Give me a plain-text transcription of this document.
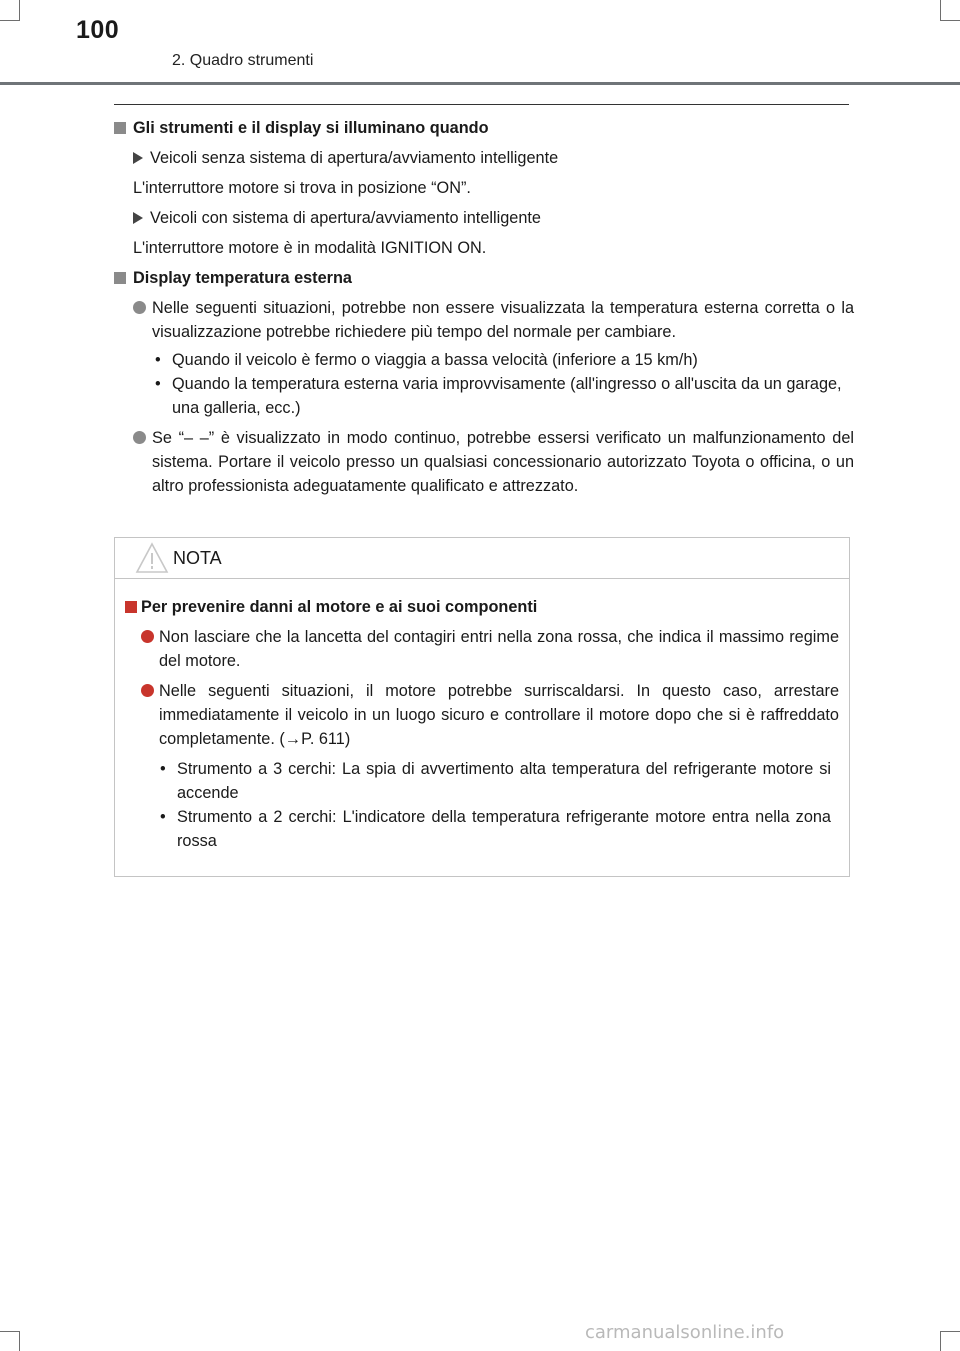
100
2. Quadro strumenti
Gli strumenti e il display si illuminano quando
Veicoli senza sistema di apertura/avviamento intelligente
L'interruttore motore si trova in posizione “ON”.
Veicoli con sistema di apertura/avviamento intelligente
L'interruttore motore è in modalità IGNITION ON.
Display temperatura esterna
Nelle seguenti situazioni, potrebbe non essere visualizzata la temperatura esterna corretta o la visualizzazione potrebbe richiedere più tempo del normale per cambiare.
• Quando il veicolo è fermo o viaggia a bassa velocità (inferiore a 15 km/h)
• Quando la temperatura esterna varia improvvisamente (all'ingresso o all'uscita da un garage, una galleria, ecc.)
Se “– –” è visualizzato in modo continuo, potrebbe essersi verificato un malfunzionamento del sistema. Portare il veicolo presso un qualsiasi concessionario autorizzato Toyota o officina, o un altro professionista adeguatamente qualificato e attrezzato.
NOTA
Per prevenire danni al motore e ai suoi componenti
Non lasciare che la lancetta del contagiri entri nella zona rossa, che indica il massimo regime del motore.
Nelle seguenti situazioni, il motore potrebbe surriscaldarsi. In questo caso, arrestare immediatamente il veicolo in un luogo sicuro e controllare il motore dopo che si è raffreddato completamente. (→P. 611)
• Strumento a 3 cerchi: La spia di avvertimento alta temperatura del refrigerante motore si accende
• Strumento a 2 cerchi: L'indicatore della temperatura refrigerante motore entra nella zona rossa
carmanualsonline.info
